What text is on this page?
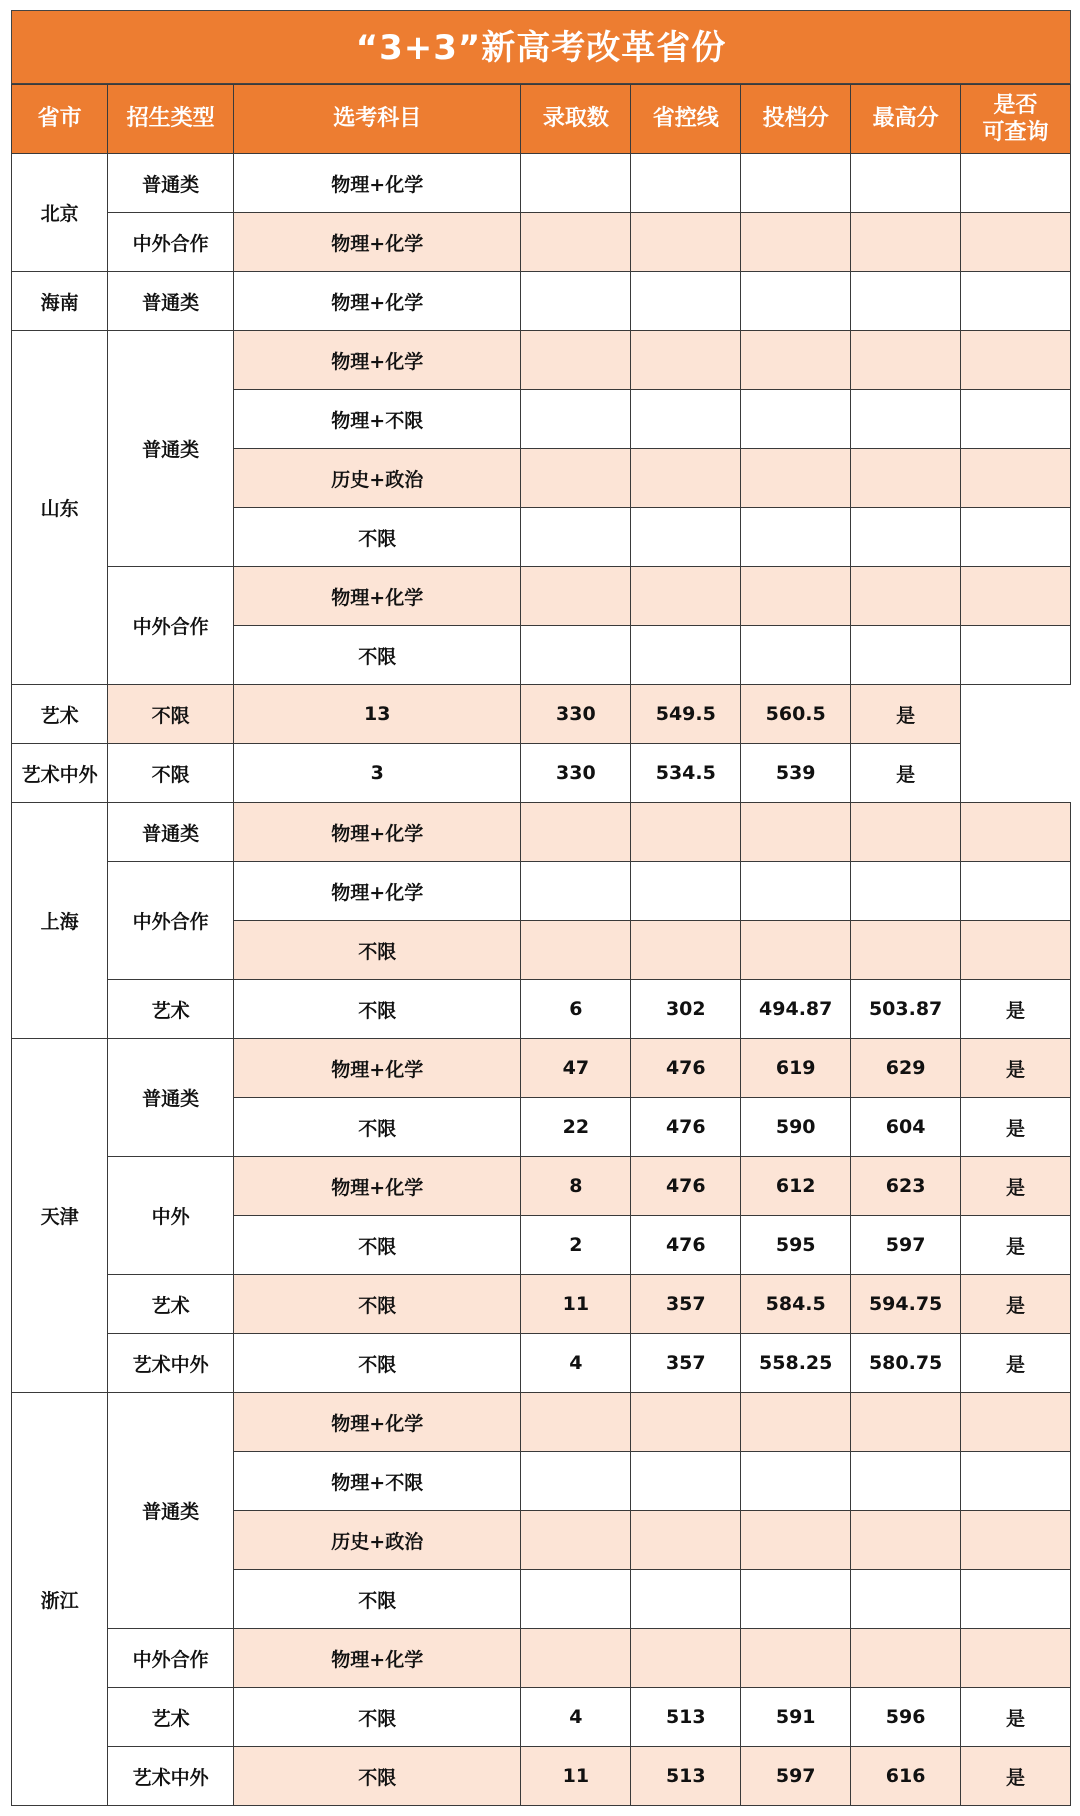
“3+3”新高考改革省份
省市	招生类型	选考科目	录取数	省控线	投档分	最高分	是否
可查询
北京	普通类	物理+化学					
	中外合作	物理+化学					
海南	普通类	物理+化学					
山东	普通类	物理+化学					
		物理+不限					
		历史+政治					
		不限					
	中外合作	物理+化学					
		不限					
艺术	不限	13	330	549.5	560.5	是	
艺术中外	不限	3	330	534.5	539	是	
上海	普通类	物理+化学					
	中外合作	物理+化学					
		不限					
	艺术	不限	6	302	494.87	503.87	是
天津	普通类	物理+化学	47	476	619	629	是
		不限	22	476	590	604	是
	中外	物理+化学	8	476	612	623	是
		不限	2	476	595	597	是
	艺术	不限	11	357	584.5	594.75	是
	艺术中外	不限	4	357	558.25	580.75	是
浙江	普通类	物理+化学					
		物理+不限					
		历史+政治					
		不限					
	中外合作	物理+化学					
	艺术	不限	4	513	591	596	是
	艺术中外	不限	11	513	597	616	是
